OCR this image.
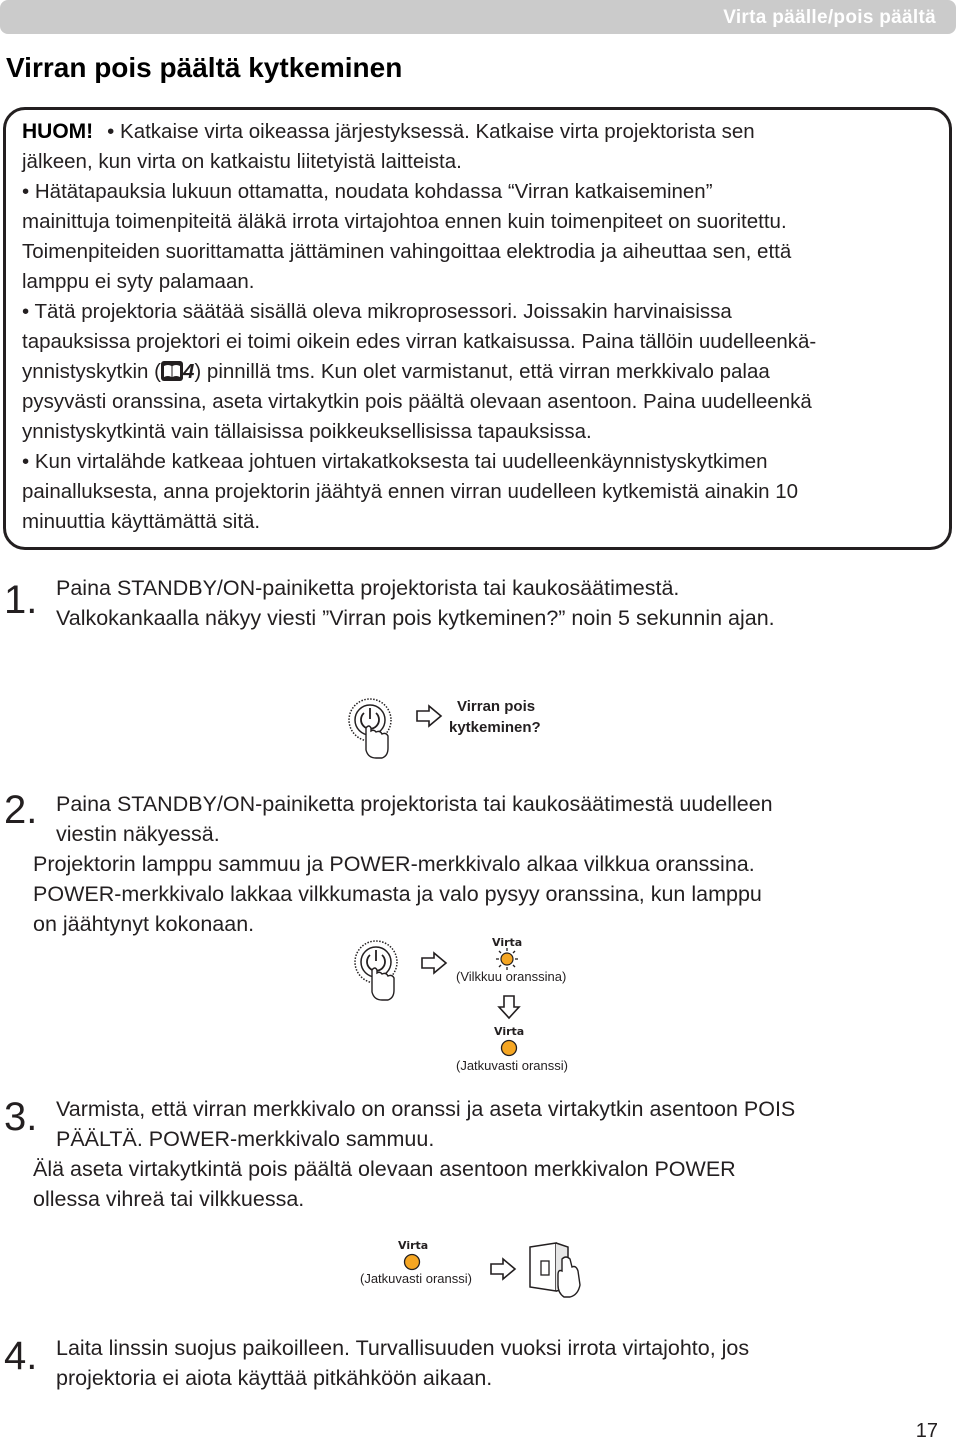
Virta päälle/pois päältä
Virran pois päältä kytkeminen
HUOM! • Katkaise virta oikeassa järjestyksessä. Katkaise virta projektorista sen
jälkeen, kun virta on katkaistu liitetyistä laitteista.
• Hätätapauksia lukuun ottamatta, noudata kohdassa “Virran katkaiseminen”
mainittuja toimenpiteitä äläkä irrota virtajohtoa ennen kuin toimenpiteet on suoritettu.
Toimenpiteiden suorittamatta jättäminen vahingoittaa elektrodia ja aiheuttaa sen, että
lamppu ei syty palamaan.
• Tätä projektoria säätää sisällä oleva mikroprosessori. Joissakin harvinaisissa
tapauksissa projektori ei toimi oikein edes virran katkaisussa. Paina tällöin uudelleenkä-
ynnistyskytkin ( 4) pinnillä tms. Kun olet varmistanut, että virran merkkivalo palaa
pysyvästi oranssina, aseta virtakytkin pois päältä olevaan asentoon. Paina uudelleenkä
ynnistyskytkintä vain tällaisissa poikkeuksellisissa tapauksissa.
• Kun virtalähde katkeaa johtuen virtakatkoksesta tai uudelleenkäynnistyskytkimen
painalluksesta, anna projektorin jäähtyä ennen virran uudelleen kytkemistä ainakin 10
minuuttia käyttämättä sitä.
1. Paina STANDBY/ON-painiketta projektorista tai kaukosäätimestä.
Valkokankaalla näkyy viesti ”Virran pois kytkeminen?” noin 5 sekunnin ajan.
Virran pois
kytkeminen?
2. Paina STANDBY/ON-painiketta projektorista tai kaukosäätimestä uudelleen
viestin näkyessä.
Projektorin lamppu sammuu ja POWER-merkkivalo alkaa vilkkua oranssina.
POWER-merkkivalo lakkaa vilkkumasta ja valo pysyy oranssina, kun lamppu
on jäähtynyt kokonaan.
Virta
(Vilkkuu oranssina)
Virta
(Jatkuvasti oranssi)
3. Varmista, että virran merkkivalo on oranssi ja aseta virtakytkin asentoon POIS
PÄÄLTÄ. POWER-merkkivalo sammuu.
Älä aseta virtakytkintä pois päältä olevaan asentoon merkkivalon POWER
ollessa vihreä tai vilkkuessa.
Virta
(Jatkuvasti oranssi)
4. Laita linssin suojus paikoilleen. Turvallisuuden vuoksi irrota virtajohto, jos
projektoria ei aiota käyttää pitkähköön aikaan.
17
